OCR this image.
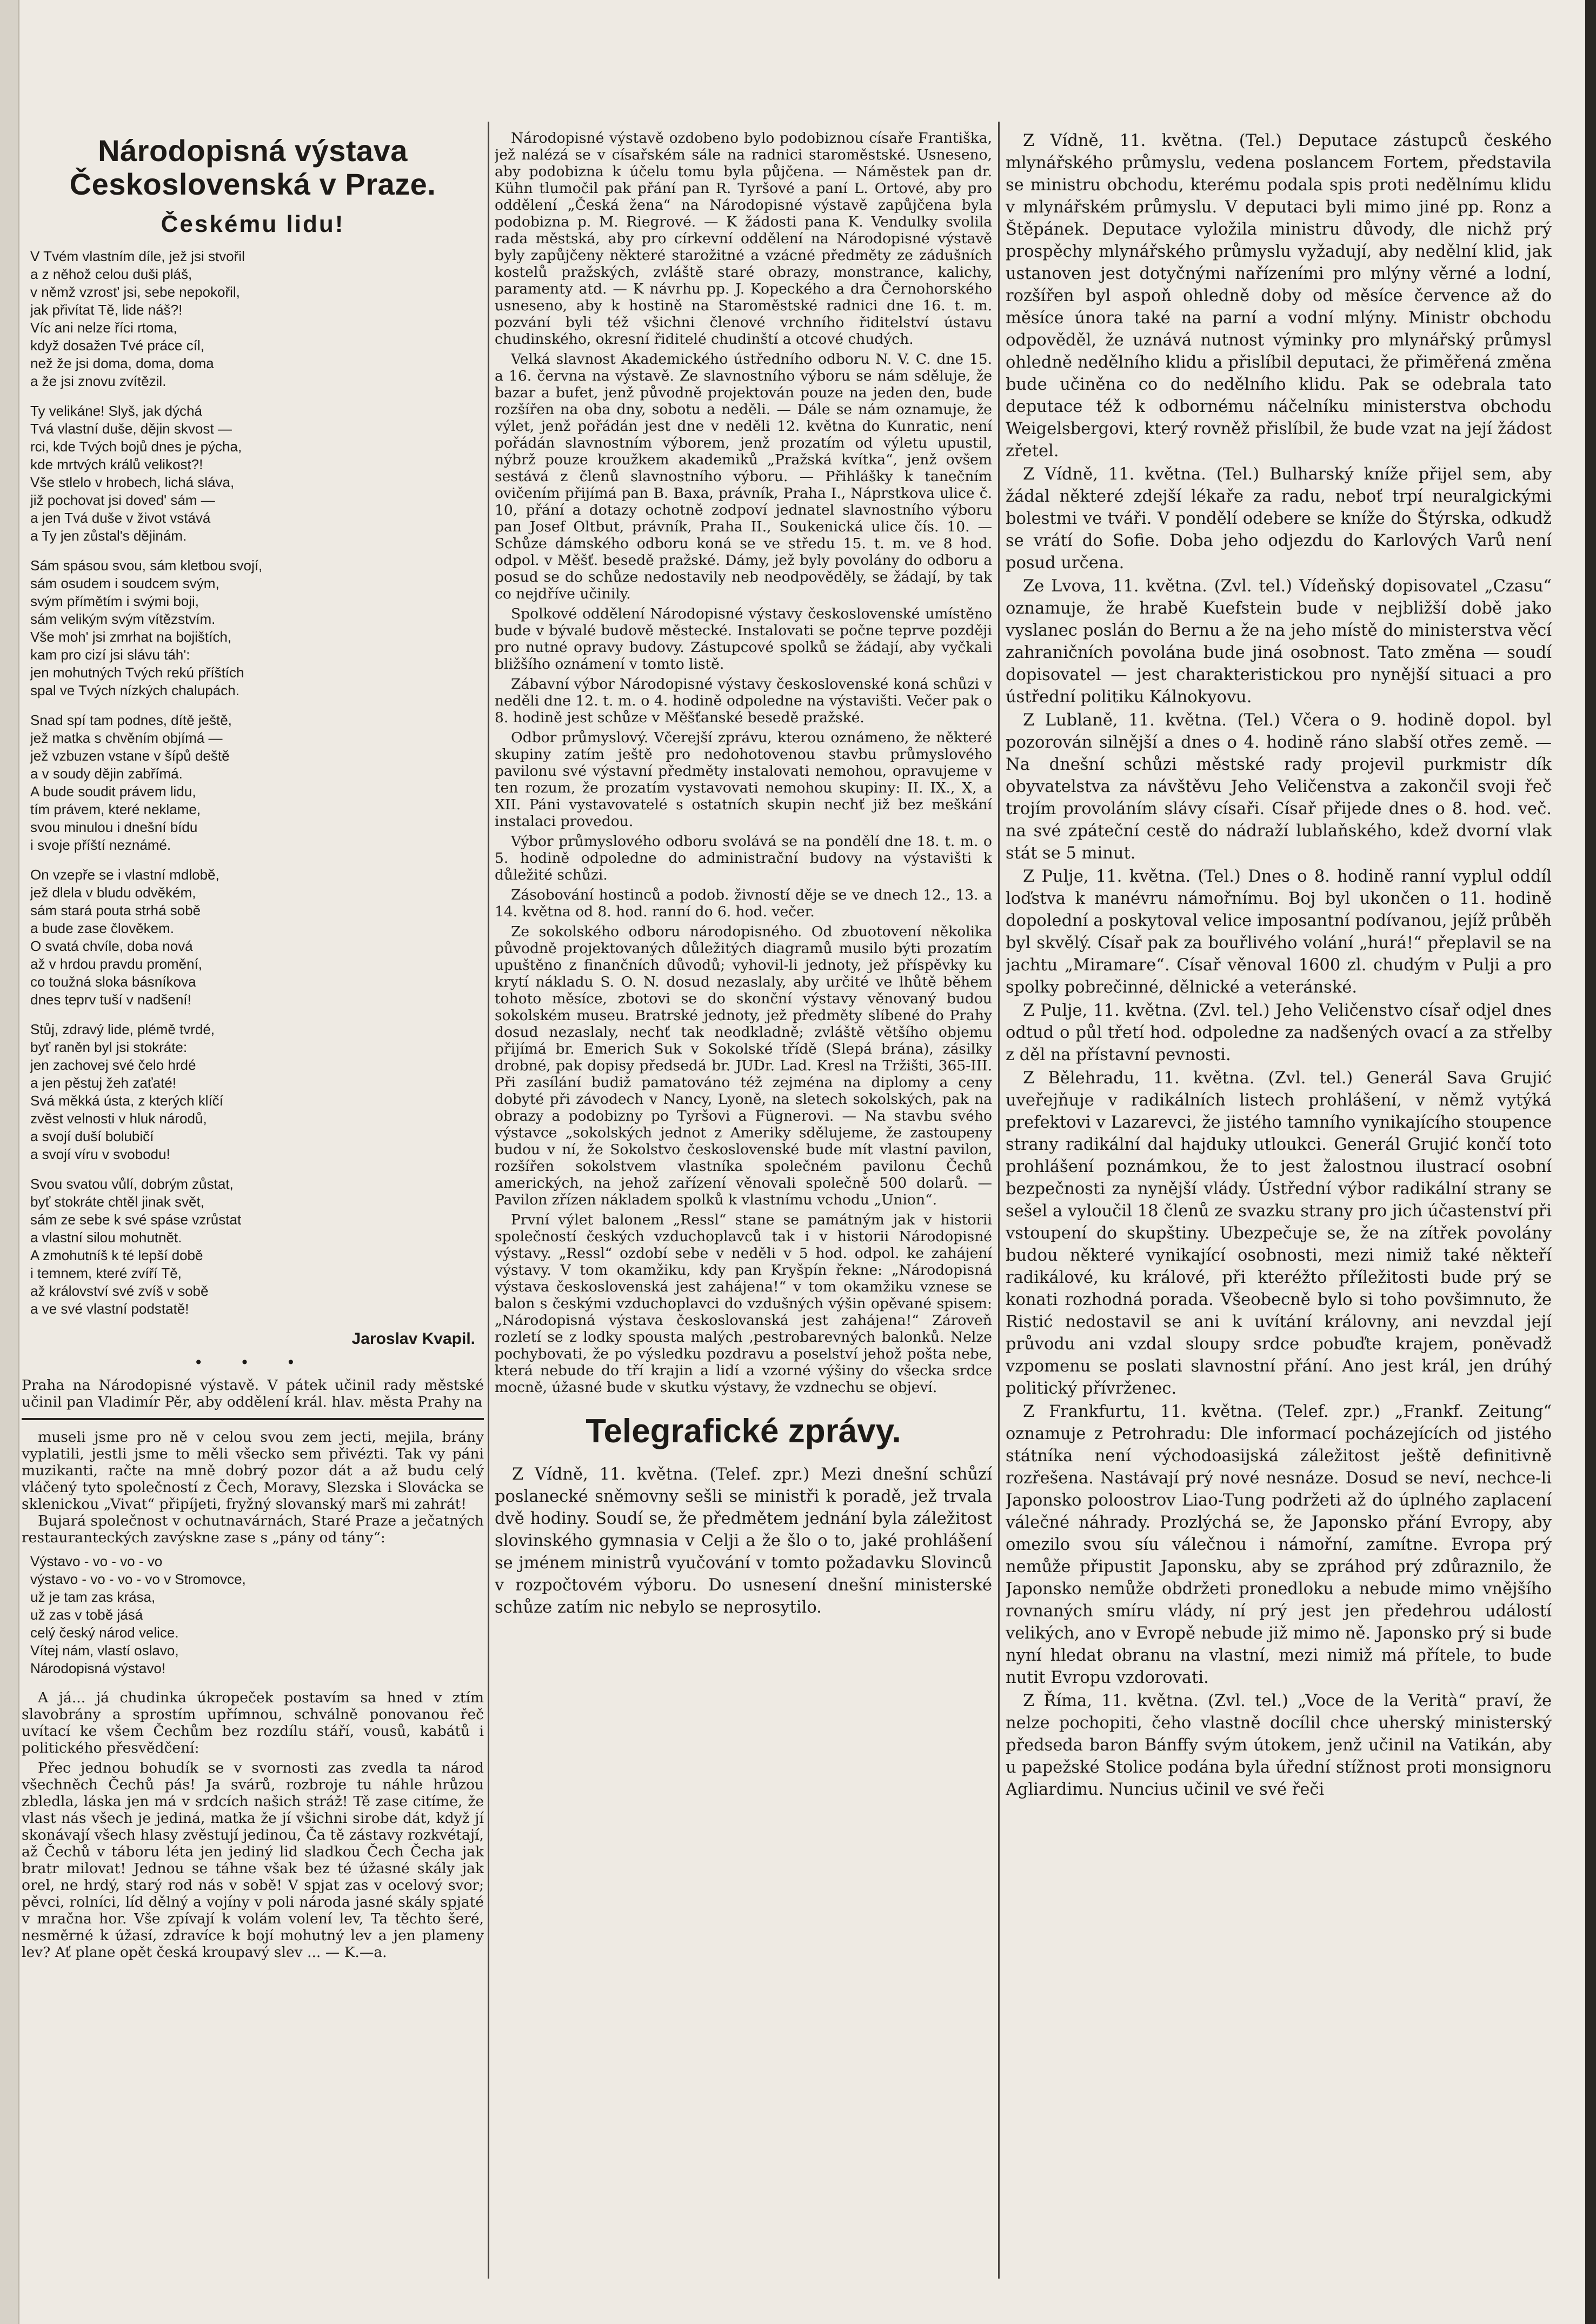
Národopisná výstava Československá v Praze.
Českému lidu!
V Tvém vlastním díle, jež jsi stvořil
a z něhož celou duši pláš,
v němž vzrost' jsi, sebe nepokořil,
jak přivítat Tě, lide náš?!
Víc ani nelze říci rtoma,
když dosažen Tvé práce cíl,
než že jsi doma, doma, doma
a že jsi znovu zvítězil.
Ty velikáne! Slyš, jak dýchá
Tvá vlastní duše, dějin skvost —
rci, kde Tvých bojů dnes je pýcha,
kde mrtvých králů velikost?!
Vše stlelo v hrobech, lichá sláva,
již pochovat jsi doved' sám —
a jen Tvá duše v život vstává
a Ty jen zůstal's dějinám.
Sám spásou svou, sám kletbou svojí,
sám osudem i soudcem svým,
svým přímětím i svými boji,
sám velikým svým vítězstvím.
Vše moh' jsi zmrhat na bojištích,
kam pro cizí jsi slávu táh':
jen mohutných Tvých rekú příštích
spal ve Tvých nízkých chalupách.
Snad spí tam podnes, dítě ještě,
jež matka s chvěním objímá —
jež vzbuzen vstane v šípů deště
a v soudy dějin zabřímá.
A bude soudit právem lidu,
tím právem, které neklame,
svou minulou i dnešní bídu
i svoje příští neznámé.
On vzepře se i vlastní mdlobě,
jež dlela v bludu odvěkém,
sám stará pouta strhá sobě
a bude zase člověkem.
O svatá chvíle, doba nová
až v hrdou pravdu promění,
co toužná sloka básníkova
dnes teprv tuší v nadšení!
Stůj, zdravý lide, plémě tvrdé,
byť raněn byl jsi stokráte:
jen zachovej své čelo hrdé
a jen pěstuj žeh zaťaté!
Svá měkká ústa, z kterých klíčí
zvěst velnosti v hluk národů,
a svojí duší bolubičí
a svojí víru v svobodu!
Svou svatou vůlí, dobrým zůstat,
byť stokráte chtěl jinak svět,
sám ze sebe k své spáse vzrůstat
a vlastní silou mohutnět.
A zmohutníš k té lepší době
i temnem, které zvíří Tě,
až království své zvíš v sobě
a ve své vlastní podstatě!
Jaroslav Kvapil.
• • •

Praha na Národopisné výstavě. V pátek učinil rady městské učinil pan Vladimír Pěr, aby oddělení král. hlav. města Prahy na

museli jsme pro ně v celou svou zem jecti, mejila, brány vyplatili, jestli jsme to měli všecko sem přivézti. Tak vy páni muzikanti, račte na mně dobrý pozor dát a až budu celý vláčený tyto společností z Čech, Moravy, Slezska i Slovácka se sklenickou „Vivat“ připíjeti, fryžný slovanský marš mi zahrát!

Bujará společnost v ochutnavárnách, Staré Praze a ječatných restauranteckých zavýskne zase s „pány od tány“:

Výstavo - vo - vo - vo
výstavo - vo - vo - vo v Stromovce,
už je tam zas krása,
už zas v tobě jásá
celý český národ velice.
Vítej nám, vlastí oslavo,
Národopisná výstavo!

A já... já chudinka úkropeček postavím sa hned v ztím slavobrány a sprostím upřímnou, schválně ponovanou řeč uvítací ke všem Čechům bez rozdílu stáří, vousů, kabátů i politického přesvědčení:

Přec jednou bohudík se v svornosti zas zvedla ta národ všechněch Čechů pás! Ja svárů, rozbroje tu náhle hrůzou zbledla, láska jen má v srdcích našich stráž! Tě zase citíme, že vlast nás všech je jediná, matka že jí všichni sirobe dát, když jí skonávají všech hlasy zvěstují jedinou, Ča tě zástavy rozkvétají, až Čechů v táboru léta jen jediný lid sladkou Čech Čecha jak bratr milovat! Jednou se táhne však bez té úžasné skály jak orel, ne hrdý, starý rod nás v sobě! V spjat zas v ocelový svor; pěvci, rolníci, líd dělný a vojíny v poli národa jasné skály spjaté v mračna hor. Vše zpívají k volám volení lev, Ta těchto šeré, nesměrné k úžasí, zdravíce k bojí mohutný lev a jen plameny lev? Ať plane opět česká kroupavý slev ... — K.—a.

Národopisné výstavě ozdobeno bylo podobiznou císaře Františka, jež nalézá se v císařském sále na radnici staroměstské. Usneseno, aby podobizna k účelu tomu byla půjčena. — Náměstek pan dr. Kühn tlumočil pak přání pan R. Tyršové a paní L. Ortové, aby pro oddělení „Česká žena“ na Národopisné výstavě zapůjčena byla podobizna p. M. Riegrové. — K žádosti pana K. Vendulky svolila rada městská, aby pro církevní oddělení na Národopisné výstavě byly zapůjčeny některé starožitné a vzácné předměty ze zádušních kostelů pražských, zvláště staré obrazy, monstrance, kalichy, paramenty atd. — K návrhu pp. J. Kopeckého a dra Černohorského usneseno, aby k hostině na Staroměstské radnici dne 16. t. m. pozvání byli též všichni členové vrchního řiditelství ústavu chudinského, okresní řiditelé chudinští a otcové chudých.

Velká slavnost Akademického ústředního odboru N. V. C. dne 15. a 16. června na výstavě. Ze slavnostního výboru se nám sděluje, že bazar a bufet, jenž původně projektován pouze na jeden den, bude rozšířen na oba dny, sobotu a neděli. — Dále se nám oznamuje, že výlet, jenž pořádán jest dne v neděli 12. května do Kunratic, není pořádán slavnostním výborem, jenž prozatím od výletu upustil, nýbrž pouze kroužkem akademiků „Pražská kvítka“, jenž ovšem sestává z členů slavnostního výboru. — Přihlášky k tanečním ovičením přijímá pan B. Baxa, právník, Praha I., Náprstkova ulice č. 10, přání a dotazy ochotně zodpoví jednatel slavnostního výboru pan Josef Oltbut, právník, Praha II., Soukenická ulice čís. 10. — Schůze dámského odboru koná se ve středu 15. t. m. ve 8 hod. odpol. v Měšť. besedě pražské. Dámy, jež byly povolány do odboru a posud se do schůze nedostavily neb neodpověděly, se žádají, by tak co nejdříve učinily.

Spolkové oddělení Národopisné výstavy československé umístěno bude v bývalé budově městecké. Instalovati se počne teprve později pro nutné opravy budovy. Zástupcové spolků se žádají, aby vyčkali bližšího oznámení v tomto listě.

Zábavní výbor Národopisné výstavy československé koná schůzi v neděli dne 12. t. m. o 4. hodině odpoledne na výstavišti. Večer pak o 8. hodině jest schůze v Měšťanské besedě pražské.

Odbor průmyslový. Včerejší zprávu, kterou oznámeno, že některé skupiny zatím ještě pro nedohotovenou stavbu průmyslového pavilonu své výstavní předměty instalovati nemohou, opravujeme v ten rozum, že prozatím vystavovati nemohou skupiny: II. IX., X, a XII. Páni vystavovatelé s ostatních skupin nechť již bez meškání instalaci provedou.

Výbor průmyslového odboru svolává se na pondělí dne 18. t. m. o 5. hodině odpoledne do administrační budovy na výstavišti k důležité schůzi.

Zásobování hostinců a podob. živností děje se ve dnech 12., 13. a 14. května od 8. hod. ranní do 6. hod. večer.

Ze sokolského odboru národopisného. Od zbuotovení několika původně projektovaných důležitých diagramů musilo býti prozatím upuštěno z finančních důvodů; vyhovil-li jednoty, jež příspěvky ku krytí nákladu S. O. N. dosud nezaslaly, aby určité ve lhůtě během tohoto měsíce, zbotovi se do skonční výstavy věnovaný budou sokolském museu. Bratrské jednoty, jež předměty slíbené do Prahy dosud nezaslaly, nechť tak neodkladně; zvláště většího objemu přijímá br. Emerich Suk v Sokolské třídě (Slepá brána), zásilky drobné, pak dopisy předsedá br. JUDr. Lad. Kresl na Tržišti, 365-III. Při zasílání budiž pamatováno též zejména na diplomy a ceny dobyté při závodech v Nancy, Lyoně, na sletech sokolských, pak na obrazy a podobizny po Tyršovi a Fügnerovi. — Na stavbu svého výstavce „sokolských jednot z Ameriky sdělujeme, že zastoupeny budou v ní, že Sokolstvo československé bude mít vlastní pavilon, rozšířen sokolstvem vlastníka společném pavilonu Čechů amerických, na jehož zařízení věnovali společně 500 dolarů. — Pavilon zřízen nákladem spolků k vlastnímu vchodu „Union“.

První výlet balonem „Ressl“ stane se památným jak v historii společností českých vzduchoplavců tak i v historii Národopisné výstavy. „Ressl“ ozdobí sebe v neděli v 5 hod. odpol. ke zahájení výstavy. V tom okamžiku, kdy pan Kryšpín řekne: „Národopisná výstava československá jest zahájena!“ v tom okamžiku vznese se balon s českými vzduchoplavci do vzdušných výšin opěvané spisem: „Národopisná výstava českoslovanská jest zahájena!“ Zároveň rozletí se z lodky spousta malých ‚pestrobarevných balonků. Nelze pochybovati, že po výsledku pozdravu a poselství jehož pošta nebe, která nebude do tří krajin a lidí a vzorné výšiny do všecka srdce mocně, úžasné bude v skutku výstavy, že vzdnechu se objeví.

Telegrafické zprávy.

Z Vídně, 11. května. (Telef. zpr.) Mezi dnešní schůzí poslanecké sněmovny sešli se ministři k poradě, jež trvala dvě hodiny. Soudí se, že předmětem jednání byla záležitost slovinského gymnasia v Celji a že šlo o to, jaké prohlášení se jménem ministrů vyučování v tomto požadavku Slovinců v rozpočtovém výboru. Do usnesení dnešní ministerské schůze zatím nic nebylo se neprosytilo.

Z Vídně, 11. května. (Tel.) Deputace zástupců českého mlynářského průmyslu, vedena poslancem Fortem, představila se ministru obchodu, kterému podala spis proti nedělnímu klidu v mlynářském průmyslu. V deputaci byli mimo jiné pp. Ronz a Štěpánek. Deputace vyložila ministru důvody, dle nichž prý prospěchy mlynářského průmyslu vyžadují, aby nedělní klid, jak ustanoven jest dotyčnými nařízeními pro mlýny věrné a lodní, rozšířen byl aspoň ohledně doby od měsíce července až do měsíce února také na parní a vodní mlýny. Ministr obchodu odpověděl, že uznává nutnost výminky pro mlynářský průmysl ohledně nedělního klidu a přislíbil deputaci, že přiměřená změna bude učiněna co do nedělního klidu. Pak se odebrala tato deputace též k odbornému náčelníku ministerstva obchodu Weigelsbergovi, který rovněž přislíbil, že bude vzat na její žádost zřetel.

Z Vídně, 11. května. (Tel.) Bulharský kníže přijel sem, aby žádal některé zdejší lékaře za radu, neboť trpí neuralgickými bolestmi ve tváři. V pondělí odebere se kníže do Štýrska, odkudž se vrátí do Sofie. Doba jeho odjezdu do Karlových Varů není posud určena.

Ze Lvova, 11. května. (Zvl. tel.) Vídeňský dopisovatel „Czasu“ oznamuje, že hrabě Kuefstein bude v nejbližší době jako vyslanec poslán do Bernu a že na jeho místě do ministerstva věcí zahraničních povolána bude jiná osobnost. Tato změna — soudí dopisovatel — jest charakteristickou pro nynější situaci a pro ústřední politiku Kálnokyovu.

Z Lublaně, 11. května. (Tel.) Včera o 9. hodině dopol. byl pozorován silnější a dnes o 4. hodině ráno slabší otřes země. — Na dnešní schůzi městské rady projevil purkmistr dík obyvatelstva za návštěvu Jeho Veličenstva a zakončil svoji řeč trojím provoláním slávy císaři. Císař přijede dnes o 8. hod. več. na své zpáteční cestě do nádraží lublaňského, kdež dvorní vlak stát se 5 minut.

Z Pulje, 11. května. (Tel.) Dnes o 8. hodině ranní vyplul oddíl loďstva k manévru námořnímu. Boj byl ukončen o 11. hodině dopolední a poskytoval velice imposantní podívanou, jejíž průběh byl skvělý. Císař pak za bouřlivého volání „hurá!“ přeplavil se na jachtu „Miramare“. Císař věnoval 1600 zl. chudým v Pulji a pro spolky pobrečinné, dělnické a veteránské.

Z Pulje, 11. května. (Zvl. tel.) Jeho Veličenstvo císař odjel dnes odtud o půl třetí hod. odpoledne za nadšených ovací a za střelby z děl na přístavní pevnosti.

Z Bělehradu, 11. května. (Zvl. tel.) Generál Sava Grujić uveřejňuje v radikálních listech prohlášení, v němž vytýká prefektovi v Lazarevci, že jistého tamního vynikajícího stoupence strany radikální dal hajduky utloukci. Generál Grujić končí toto prohlášení poznámkou, že to jest žalostnou ilustrací osobní bezpečnosti za nynější vlády. Ústřední výbor radikální strany se sešel a vyloučil 18 členů ze svazku strany pro jich účastenství při vstoupení do skupštiny. Ubezpečuje se, že na zítřek povolány budou některé vynikající osobnosti, mezi nimiž také někteří radikálové, ku králové, při kteréžto příležitosti bude prý se konati rozhodná porada. Všeobecně bylo si toho povšimnuto, že Ristić nedostavil se ani k uvítání královny, ani nevzdal její průvodu ani vzdal sloupy srdce pobuďte krajem, poněvadž vzpomenu se poslati slavnostní přání. Ano jest král, jen drúhý politický přívrženec.

Z Frankfurtu, 11. května. (Telef. zpr.) „Frankf. Zeitung“ oznamuje z Petrohradu: Dle informací pocházejících od jistého státníka není východoasijská záležitost ještě definitivně rozřešena. Nastávají prý nové nesnáze. Dosud se neví, nechce-li Japonsko poloostrov Liao-Tung podržeti až do úplného zaplacení válečné náhrady. Prozlýchá se, že Japonsko přání Evropy, aby omezilo svou síu válečnou i námořní, zamítne. Evropa prý nemůže připustit Japonsku, aby se zpráhod prý zdůraznilo, že Japonsko nemůže obdržeti pronedloku a nebude mimo vnějšího rovnaných smíru vlády, ní prý jest jen předehrou událostí velikých, ano v Evropě nebude již mimo ně. Japonsko prý si bude nyní hledat obranu na vlastní, mezi nimiž má přítele, to bude nutit Evropu vzdorovati.

Z Říma, 11. května. (Zvl. tel.) „Voce de la Verità“ praví, že nelze pochopiti, čeho vlastně docílil chce uherský ministerský předseda baron Bánffy svým útokem, jenž učinil na Vatikán, aby u papežské Stolice podána byla úřední stížnost proti monsignoru Agliardimu. Nuncius učinil ve své řeči
